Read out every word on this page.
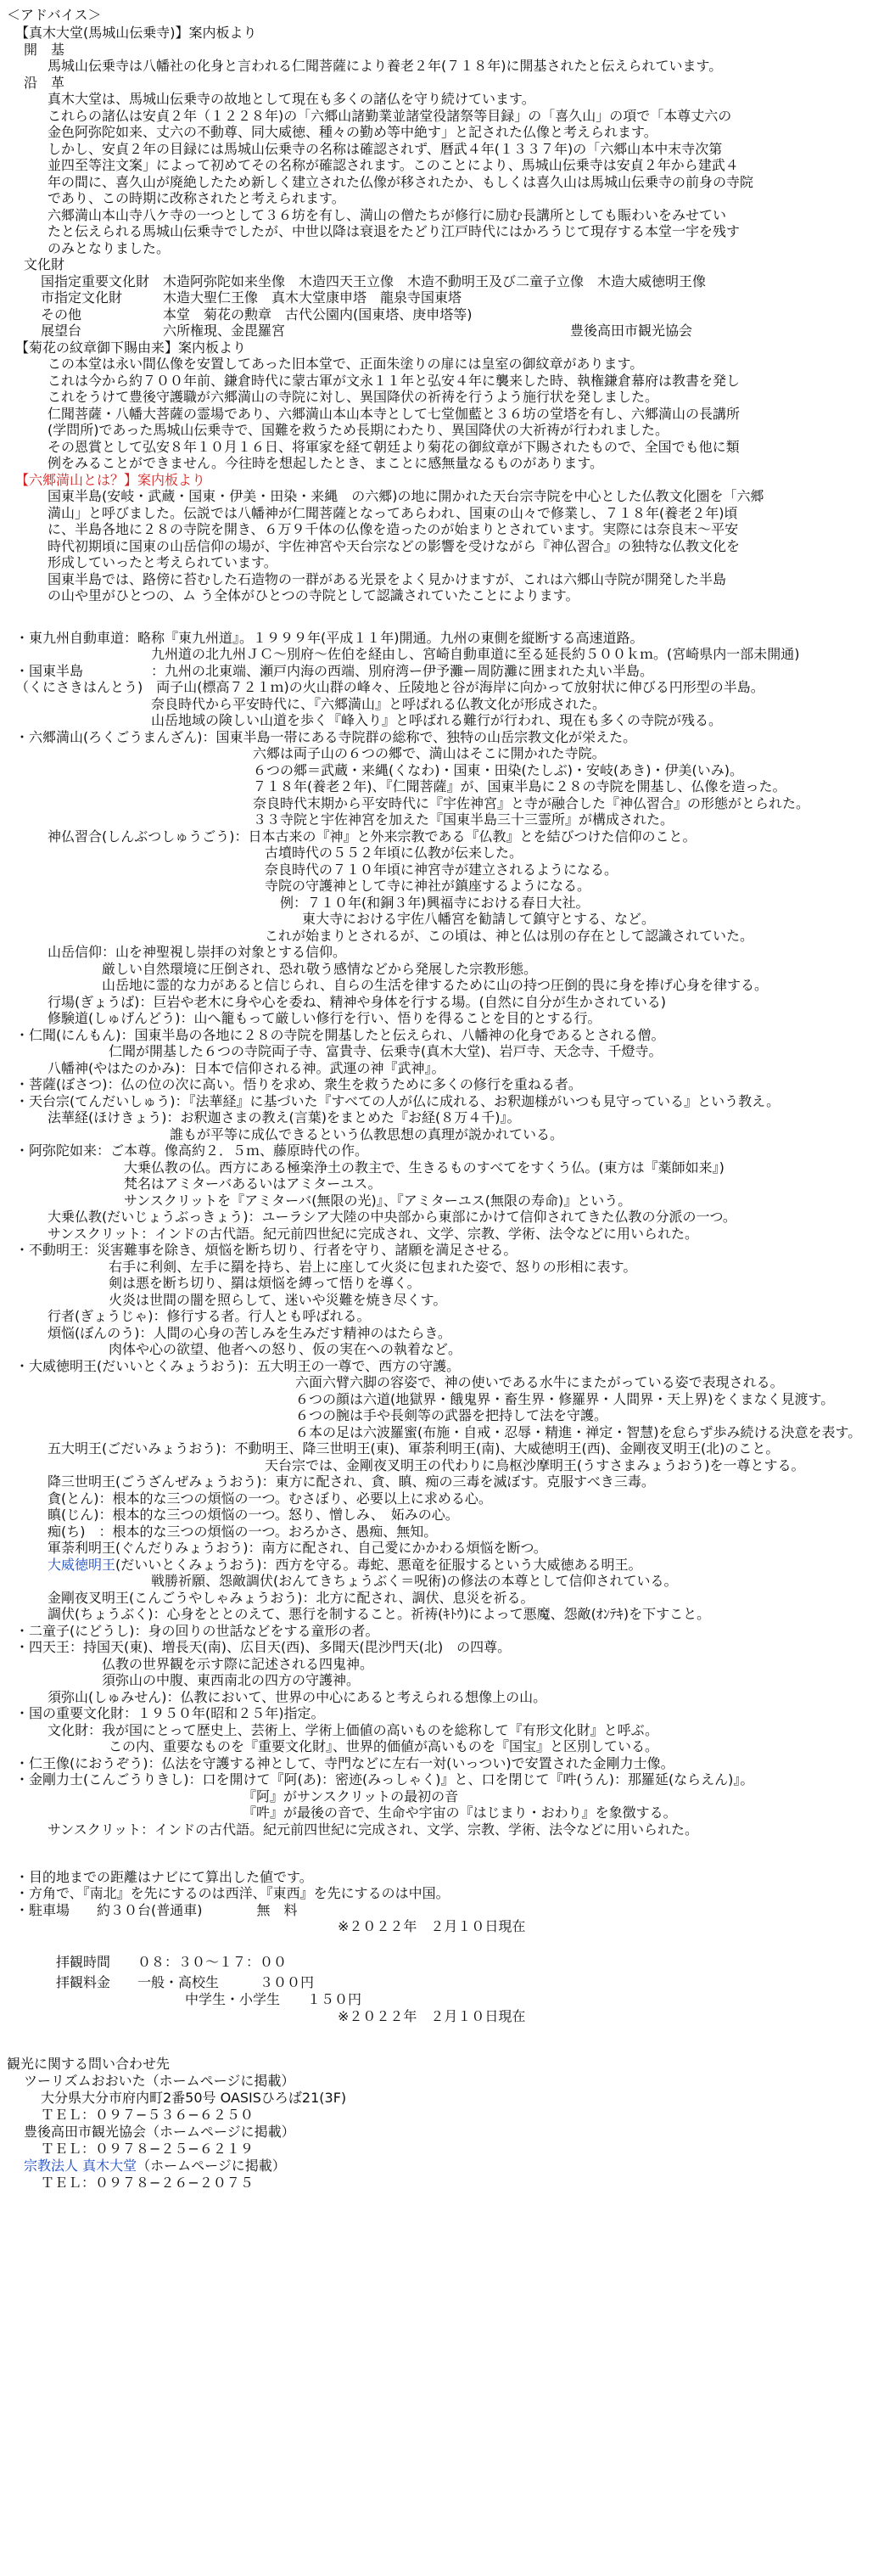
＜アドバイス＞
【真木大堂(馬城山伝乗寺)】案内板より
開　基
馬城山伝乗寺は八幡社の化身と言われる仁聞菩薩により養老２年(７１８年)に開基されたと伝えられています。
沿　革
真木大堂は、馬城山伝乗寺の故地として現在も多くの諸仏を守り続けています。
これらの諸仏は安貞２年（１２２８年)の「六郷山諸勤業並諸堂役諸祭等目録」の「喜久山」の項で「本尊丈六の
金色阿弥陀如来、丈六の不動尊、同大威徳、種々の勤め等中絶す」と記された仏像と考えられます。
しかし、安貞２年の目録には馬城山伝乗寺の名称は確認されず、暦武４年(１３３７年)の「六郷山本中末寺次第
並四至等注文案」によって初めてその名称が確認されます。このことにより、馬城山伝乗寺は安貞２年から建武４
年の間に、喜久山が廃絶したため新しく建立された仏像が移されたか、もしくは喜久山は馬城山伝乗寺の前身の寺院
であり、この時期に改称されたと考えられます。
六郷満山本山寺八ケ寺の一つとして３６坊を有し、満山の僧たちが修行に励む長講所としても賑わいをみせてい
たと伝えられる馬城山伝乗寺でしたが、中世以降は衰退をたどり江戸時代にはかろうじて現存する本堂一宇を残す
のみとなりました。
文化財
国指定重要文化財　木造阿弥陀如来坐像　木造四天王立像　木造不動明王及び二童子立像　木造大威徳明王像
市指定文化財　　　木造大聖仁王像　真木大堂康申塔　龍泉寺国東塔
その他　　　　　　本堂　菊花の勲章　古代公園内(国東塔、庚申塔等)
展望台　　　　　　六所権現、金毘羅宮　　　　　　　　　　　　　　　　　　　　　豊後高田市観光協会
【菊花の紋章御下賜由来】案内板より
この本堂は永い間仏像を安置してあった旧本堂で、正面朱塗りの扉には皇室の御紋章があります。
これは今から約７００年前、鎌倉時代に蒙古軍が文永１１年と弘安４年に襲来した時、執権鎌倉幕府は教書を発し
これをうけて豊後守護職が六郷満山の寺院に対し、異国降伏の祈祷を行うよう施行状を発しました。
仁聞菩薩・八幡大菩薩の霊場であり、六郷満山本山本寺として七堂伽藍と３６坊の堂塔を有し、六郷満山の長講所
(学問所)であった馬城山伝乗寺で、国難を救うため長期にわたり、異国降伏の大祈祷が行われました。
その恩賞として弘安８年１０月１６日、将軍家を経て朝廷より菊花の御紋章が下賜されたもので、全国でも他に類
例をみることができません。今往時を想起したとき、まことに感無量なるものがあります。
【六郷満山とは？】案内板より
国東半島(安岐・武蔵・国東・伊美・田染・来縄　の六郷)の地に開かれた天台宗寺院を中心とした仏教文化圏を「六郷
満山」と呼びました。伝説では八幡神が仁聞菩薩となってあらわれ、国東の山々で修業し、７１８年(養老２年)頃
に、半島各地に２８の寺院を開き、６万９千体の仏像を造ったのが始まりとされています。実際には奈良末〜平安
時代初期頃に国東の山岳信仰の場が、宇佐神宮や天台宗などの影響を受けながら『神仏習合』の独特な仏教文化を
形成していったと考えられています。
国東半島では、路傍に苔むした石造物の一群がある光景をよく見かけますが、これは六郷山寺院が開発した半島
の山や里がひとつの、ム う全体がひとつの寺院として認識されていたことによります。
・東九州自動車道：略称『東九州道』。１９９９年(平成１１年)開通。九州の東側を縦断する高速道路。
九州道の北九州ＪＣ〜別府〜佐伯を経由し、宮崎自動車道に至る延長約５００ｋｍ。(宮崎県内一部未開通)
・国東半島　　　　　：九州の北東端、瀬戸内海の西端、別府湾ー伊予灘ー周防灘に囲まれた丸い半島。
（くにさきはんとう)　両子山(標高７２１ｍ)の火山群の峰々、丘陵地と谷が海岸に向かって放射状に伸びる円形型の半島。
奈良時代から平安時代に、『六郷満山』と呼ばれる仏教文化が形成された。
山岳地域の険しい山道を歩く『峰入り』と呼ばれる難行が行われ、現在も多くの寺院が残る。
・六郷満山(ろくごうまんざん)：国東半島一帯にある寺院群の総称で、独特の山岳宗教文化が栄えた。
六郷は両子山の６つの郷で、満山はそこに開かれた寺院。
６つの郷＝武蔵・来縄(くなわ)・国東・田染(たしぶ)・安岐(あき)・伊美(いみ)。
７１８年(養老２年)、『仁聞菩薩』が、国東半島に２８の寺院を開基し、仏像を造った。
奈良時代末期から平安時代に『宇佐神宮』と寺が融合した『神仏習合』の形態がとられた。
３３寺院と宇佐神宮を加えた『国東半島三十三霊所』が構成された。
神仏習合(しんぶつしゅうごう)：日本古来の『神』と外来宗教である『仏教』とを結びつけた信仰のこと。
古墳時代の５５２年頃に仏教が伝来した。
奈良時代の７１０年頃に神宮寺が建立されるようになる。
寺院の守護神として寺に神社が鎮座するようになる。
例：７１０年(和銅３年)興福寺における春日大社。
東大寺における宇佐八幡宮を勧請して鎮守とする、など。
これが始まりとされるが、この頃は、神と仏は別の存在として認識されていた。
山岳信仰：山を神聖視し崇拝の対象とする信仰。
厳しい自然環境に圧倒され、恐れ敬う感情などから発展した宗教形態。
山岳地に霊的な力があると信じられ、自らの生活を律するために山の持つ圧倒的畏に身を捧げ心身を律する。
行場(ぎょうば)：巨岩や老木に身や心を委ね、精神や身体を行する場。(自然に自分が生かされている)
修験道(しゅげんどう)：山へ籠もって厳しい修行を行い、悟りを得ることを目的とする行。
・仁聞(にんもん)：国東半島の各地に２８の寺院を開基したと伝えられ、八幡神の化身であるとされる僧。
仁聞が開基した６つの寺院両子寺、富貴寺、伝乗寺(真木大堂)、岩戸寺、天念寺、千燈寺。
八幡神(やはたのかみ)：日本で信仰される神。武運の神『武神』。
・菩薩(ぼさつ)：仏の位の次に高い。悟りを求め、衆生を救うために多くの修行を重ねる者。
・天台宗(てんだいしゅう)：『法華経』に基づいた『すべての人が仏に成れる、お釈迦様がいつも見守っている』という教え。
法華経(ほけきょう)：お釈迦さまの教え(言葉)をまとめた『お経(８万４千)』。
誰もが平等に成仏できるという仏教思想の真理が説かれている。
・阿弥陀如来：ご本尊。像高約２．５ｍ、藤原時代の作。
大乗仏教の仏。西方にある極楽浄土の教主で、生きるものすべてをすくう仏。(東方は『薬師如来』)
梵名はアミターバあるいはアミターユス。
サンスクリットを『アミターバ(無限の光)』、『アミターユス(無限の寿命)』という。
大乗仏教(だいじょうぶっきょう)：ユーラシア大陸の中央部から東部にかけて信仰されてきた仏教の分派の一つ。
サンスクリット：インドの古代語。紀元前四世紀に完成され、文学、宗教、学術、法令などに用いられた。
・不動明王：災害難事を除き、煩悩を断ち切り、行者を守り、諸願を満足させる。
右手に利剣、左手に羂を持ち、岩上に座して火炎に包まれた姿で、怒りの形相に表す。
剣は悪を断ち切り、羂は煩悩を縛って悟りを導く。
火炎は世間の闇を照らして、迷いや災難を焼き尽くす。
行者(ぎょうじゃ)：修行する者。行人とも呼ばれる。
煩悩(ぼんのう)：人間の心身の苦しみを生みだす精神のはたらき。
肉体や心の欲望、他者への怒り、仮の実在への執着など。
・大威徳明王(だいいとくみょうおう)：五大明王の一尊で、西方の守護。
六面六臂六脚の容姿で、神の使いである水牛にまたがっている姿で表現される。
６つの顔は六道(地獄界・餓鬼界・畜生界・修羅界・人間界・天上界)をくまなく見渡す。
６つの腕は手や長剣等の武器を把持して法を守護。
６本の足は六波羅蜜(布施・自戒・忍辱・精進・禅定・智慧)を怠らず歩み続ける決意を表す。
五大明王(ごだいみょうおう)：不動明王、降三世明王(東)、軍荼利明王(南)、大威徳明王(西)、金剛夜叉明王(北)のこと。
天台宗では、金剛夜叉明王の代わりに烏枢沙摩明王(うすさまみょうおう)を一尊とする。
降三世明王(ごうざんぜみょうおう)：東方に配され、貪、瞋、痴の三毒を滅ぼす。克服すべき三毒。
貪(とん)：根本的な三つの煩悩の一つ。むさぼり、必要以上に求める心。
瞋(じん)：根本的な三つの煩悩の一つ。怒り、憎しみ、　妬みの心。
痴(ち)　：根本的な三つの煩悩の一つ。おろかさ、愚痴、無知。
軍荼利明王(ぐんだりみょうおう)：南方に配され、自己愛にかかわる煩悩を断つ。
大威徳明王(だいいとくみょうおう)：西方を守る。毒蛇、悪竜を征服するという大威徳ある明王。
戦勝祈願、怨敵調伏(おんてきちょうぶく＝呪術)の修法の本尊として信仰されている。
金剛夜叉明王(こんごうやしゃみょうおう)：北方に配され、調伏、息災を祈る。
調伏(ちょうぶく)：心身をととのえて、悪行を制すること。祈祷(ｷﾄｳ)によって悪魔、怨敵(ｵﾝﾃｷ)を下すこと。
・二童子(にどうし)：身の回りの世話などをする童形の者。
・四天王：持国天(東)、増長天(南)、広目天(西)、多聞天(毘沙門天(北)　の四尊。
仏教の世界観を示す際に記述される四鬼神。
須弥山の中腹、東西南北の四方の守護神。
須弥山(しゅみせん)：仏教において、世界の中心にあると考えられる想像上の山。
・国の重要文化財：１９５０年(昭和２５年)指定。
文化財：我が国にとって歴史上、芸術上、学術上価値の高いものを総称して『有形文化財』と呼ぶ。
この内、重要なものを『重要文化財』、世界的価値が高いものを『国宝』と区別している。
・仁王像(におうぞう)：仏法を守護する神として、寺門などに左右一対(いっつい)で安置された金剛力士像。
・金剛力士(こんごうりきし)：口を開けて『阿(あ)：密迹(みっしゃく)』と、口を閉じて『吽(うん)：那羅延(ならえん)』。
『阿』がサンスクリットの最初の音
『吽』が最後の音で、生命や宇宙の『はじまり・おわり』を象徴する。
サンスクリット：インドの古代語。紀元前四世紀に完成され、文学、宗教、学術、法令などに用いられた。
・目的地までの距離はナビにて算出した値です。
・方角で、『南北』を先にするのは西洋、『東西』を先にするのは中国。
・駐車場　　約３０台(普通車)　　　　無　料
※２０２２年　２月１０日現在
拝観時間　　０８：３０〜１７：００
拝観料金　　一般・高校生　　　３００円
中学生・小学生　　１５０円
※２０２２年　２月１０日現在
観光に関する問い合わせ先
ツーリズムおおいた（ホームページに掲載）
大分県大分市府内町2番50号 OASISひろば21(3F)
ＴＥＬ：０９７−５３６−６２５０
豊後高田市観光協会（ホームページに掲載）
ＴＥＬ：０９７８−２５−６２１９
宗教法人 真木大堂（ホームページに掲載）
ＴＥＬ：０９７８−２６−２０７５
